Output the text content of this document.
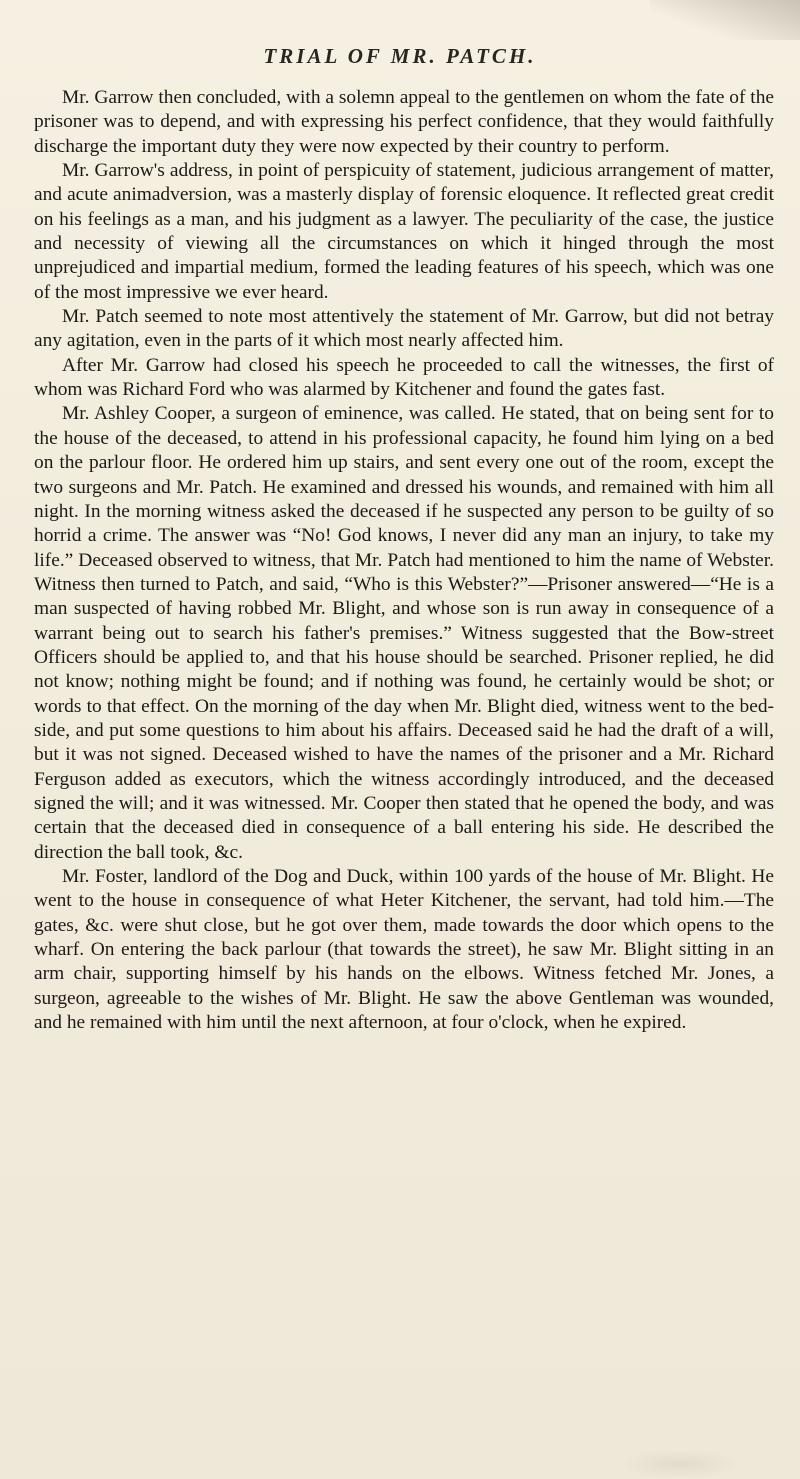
TRIAL OF MR. PATCH.

Mr. Garrow then concluded, with a solemn appeal to the gentlemen on whom the fate of the prisoner was to depend, and with expressing his perfect confidence, that they would faithfully discharge the important duty they were now expected by their country to perform.

Mr. Garrow's address, in point of perspicuity of statement, judicious arrangement of matter, and acute animadversion, was a masterly display of forensic eloquence. It reflected great credit on his feelings as a man, and his judgment as a lawyer. The peculiarity of the case, the justice and necessity of viewing all the circumstances on which it hinged through the most unprejudiced and impartial medium, formed the leading features of his speech, which was one of the most impressive we ever heard.

Mr. Patch seemed to note most attentively the statement of Mr. Garrow, but did not betray any agitation, even in the parts of it which most nearly affected him.

After Mr. Garrow had closed his speech he proceeded to call the witnesses, the first of whom was Richard Ford who was alarmed by Kitchener and found the gates fast.

Mr. Ashley Cooper, a surgeon of eminence, was called. He stated, that on being sent for to the house of the deceased, to attend in his professional capacity, he found him lying on a bed on the parlour floor. He ordered him up stairs, and sent every one out of the room, except the two surgeons and Mr. Patch. He examined and dressed his wounds, and remained with him all night. In the morning witness asked the deceased if he suspected any person to be guilty of so horrid a crime. The answer was “No! God knows, I never did any man an injury, to take my life.” Deceased observed to witness, that Mr. Patch had mentioned to him the name of Webster. Witness then turned to Patch, and said, “Who is this Webster?”—Prisoner answered—“He is a man suspected of having robbed Mr. Blight, and whose son is run away in consequence of a warrant being out to search his father's premises.” Witness suggested that the Bow-street Officers should be applied to, and that his house should be searched. Prisoner replied, he did not know; nothing might be found; and if nothing was found, he certainly would be shot; or words to that effect. On the morning of the day when Mr. Blight died, witness went to the bed-side, and put some questions to him about his affairs. Deceased said he had the draft of a will, but it was not signed. Deceased wished to have the names of the prisoner and a Mr. Richard Ferguson added as executors, which the witness accordingly introduced, and the deceased signed the will; and it was witnessed. Mr. Cooper then stated that he opened the body, and was certain that the deceased died in consequence of a ball entering his side. He described the direction the ball took, &c.

Mr. Foster, landlord of the Dog and Duck, within 100 yards of the house of Mr. Blight. He went to the house in consequence of what Heter Kitchener, the servant, had told him.—The gates, &c. were shut close, but he got over them, made towards the door which opens to the wharf. On entering the back parlour (that towards the street), he saw Mr. Blight sitting in an arm chair, supporting himself by his hands on the elbows. Witness fetched Mr. Jones, a surgeon, agreeable to the wishes of Mr. Blight. He saw the above Gentleman was wounded, and he remained with him until the next afternoon, at four o'clock, when he expired.
